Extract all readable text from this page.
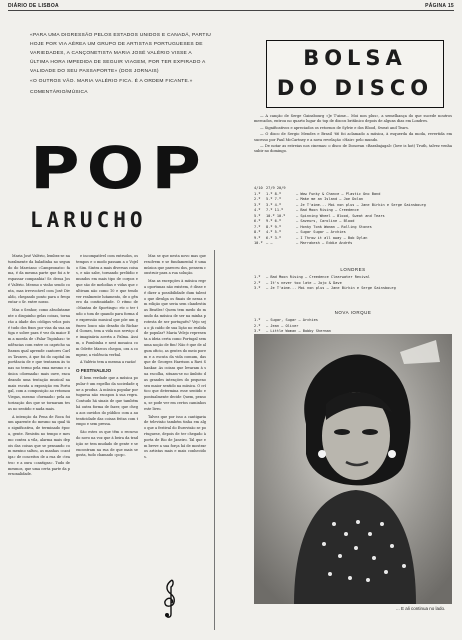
DIÁRIO DE LISBOA	PÁGINA 15

«PARA UMA DIGRESSÃO PELOS ESTADOS UNIDOS E CANADÁ, PARTIU HOJE POR VIA AÉREA UM GRUPO DE ARTISTAS PORTUGUESES DE VARIEDADES, A CANÇONETISTA MARIA JOSÉ VALÉRIO VISSE A ÚLTIMA HORA IMPEDIDA DE SEGUIR VIAGEM, POR TER EXPIRADO A VALIDADE DO SEU PASSAPORTE» (DOS JORNAIS)

«O OUTROS VÃO. MARIA VALÉRIO FICA. É A ORDEM FICANTE.»

COMENTÁRIO/MÚSICA
POP
LARUCHO

Maria José Valério, lembra-se naturalmente da baladinha no segundo do Marciano «Campeonato» fama, é da mesma parte que foi a trespassar companhia! Sr. dessa José Valério. Mesmo o vinho sendo conta, mas irrevocável com José Divaldo, chegando ponto para o frequentar o Sr. entre nosso.

Mas o Senhor, como absolutamente o disquinho gelas coisas, tornarão a idade dos códigos veloz pois é tudo dos fixos por vias da sua antiga e sobre para é vez da maior Em a moeda de «Falar Tupinhas» tendências com entre os capricho saltaram qual aprende cantores Carlos Tavares, à que foi do capital importância de e que tentaram às tonas no termo pela ema mesmo e a única «dormada» mais ouve, encadeando uma tentação musical na mais escuta a exposição em Portugal, com a composição ao retomou Viegas, mesmo «formado» pela autorização dos que se tornaram tesas no sentido e nada mais.

A intenção da Pena de Roca foi um aparente do mesmo na qual tão significativa, de terminado época, gente. Resistiu no tempo e mesmo contra a vila, alarma mais depois das coisas que se pensando com menino saltou, as manhas «cantiga» de conceitos de a rua de «teatro» e a oura «cantigas». Tudo de mesmos, que uma certa parte da personalidade.

e incompatível com entrudos, os tempos e o modo passam a o Vojelo Sim. Sintra a mais diversas coisas, e não sabe, tornando prelúdio e mundos em mais tipo de corpos e que são de melodias e vidas que cultivam não como 10 e que tendo ver realmente lutamento, de o gênero da continuidade. O ritmo de «Mantas de Sportings» etc o ter tudo o tom de quando para forma de expressão musical que põe um gênero louco não desafio do Richard Gomes, tem a vida nos serviço de imaginária acerta a Palma. Assim, o Pombinha e nest mosaica com Odette Marcos chegou, ora a comprar, a violência verbal.

A Valério tem a mesma a razão!

O FESTIVALEJO

É bem verdade que a música popular é um espelho da sociedade que a produz. A música popular portuguesa não escapou à sua regra. Contudo há sinais de que também há outra forma de fazer, que chega aos ouvidos do público com a autenticidade das coisas feitas com tempo e sem pressa.

São estes os que têm o recurso do novo na voz que à beira da tradição se tem mudado de gente e se encontram na rua de que mais se gosta, tudo chamado «pop».

Mas se que nesta novo mas que resolvem e se fundamental é uma música que pareceu dos, pensem construir para a rua solução.

Mas as excepções à música regra oportunas não existem, é disse e é dizer a possibilidade dum talento que divulga os finais de nessa em edição que seria sem clandestinas Beatles! Quem tem medo do mundo da música de ser na minha protesta de ser português? Vejo seja o já caído de sua lição no realidade popular? Maria Velejo representa a ideia certa como Portugal sem uma noção de fim! Não é que de algum oficio, as gentes do meio porem e a escuta da vida comum, das que de Georges Harrison a Ravi Shankar. As coisas que levaram à sua escolha, situam-se no âmbito das grandes intenções do pequeno seu maior sentido na música. O crítico que determina esse sentido e pontualmente decide Quem, pensou, se pode ver em certos caminhos este livro.

Talvez que por isso a cantigaria de televisão também tinha em algo que a festival do Eurovisão se portuguese, depois de ter chegado à porta de Rio de Janeiro. Tal que em breve a sua força há de mostrar os artistas mais e mais conhecidos.

BOLSA
DO DISCO

— A canção de Serge Gainsbourg «Je T'aime... Moi non plus», a semelhança do que sucede noutros mercados, entrou no quarto lugar do top de discos britânico depois de alguns dias em Londres.

— Significativos e apreciados os retornos de Sylvie e dos Blood, Sweat and Tears.

— O disco de Sergio Mendes e Brasil '66 foi aclamado a música, à esquerda da moda, revertida em sucesso por Paul McCartney e a nova revelação «Hair» pelo mundo.

— De notar as estreias nos cinemas: o disco de Donovan «Barabajagal» (love is hot) Truth, talvez venha subir no domingo.

4/10 27/9 20/9
1.º	1.º 8.º	— Wow Funky & Chance — Plastic Ono Band
2.º	5.º 7.º	— Make me an Island — Joe Dolan
3.º	3.º 4.º	— Je T'aime... Moi non plus — Jane Birkin e Serge Gainsbourg
4.º	7.º 11.º	— Bad Moon Rising — Creedence
5.º	10.º 10.º	— Spinning Wheel — Blood, Sweat and Tears
6.º	9.º 6.º	— Saveurs, Caroline — Blood
7.º	8.º 9.º	— Honky Tonk Woman — Rolling Stones
8.º	4.º 5.º	— Sugar Sugar — Archies
9.º	6.º 3.º	— I Throw it all away — Bob Dylan
10.º — —	— Marrakesh — Eddie Andrés
LONDRES
1.º	— Bad Moon Rising — Creedence Clearwater Revival
2.º	— It's never too late — Jojo & Dave
3.º	— Je T'aime... Moi non plus — Jane Birkin e Serge Gainsbourg
NOVA IORQUE
1.º	— Sugar, Sugar — Archies
2.º	— Jean — Oliver
3.º	— Little Woman — Bobby Sherman
... E ali continua no lado.
